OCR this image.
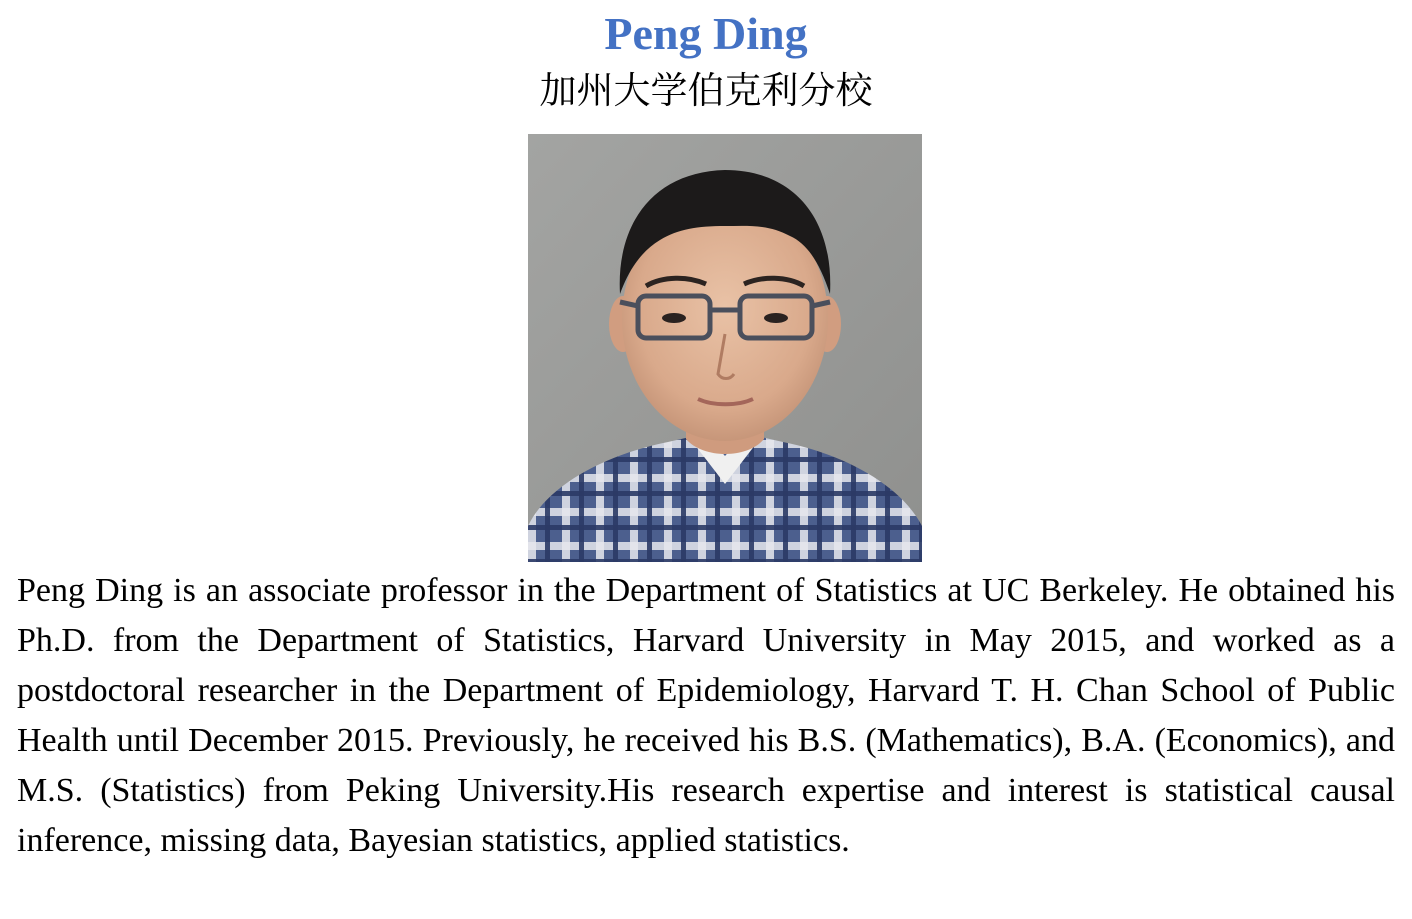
Peng Ding
加州大学伯克利分校

Peng Ding is an associate professor in the Department of Statistics at UC Berkeley. He obtained his Ph.D. from the Department of Statistics, Harvard University in May 2015, and worked as a postdoctoral researcher in the Department of Epidemiology, Harvard T. H. Chan School of Public Health until December 2015. Previously, he received his B.S. (Mathematics), B.A. (Economics), and M.S. (Statistics) from Peking University.His research expertise and interest is statistical causal inference, missing data, Bayesian statistics, applied statistics.
